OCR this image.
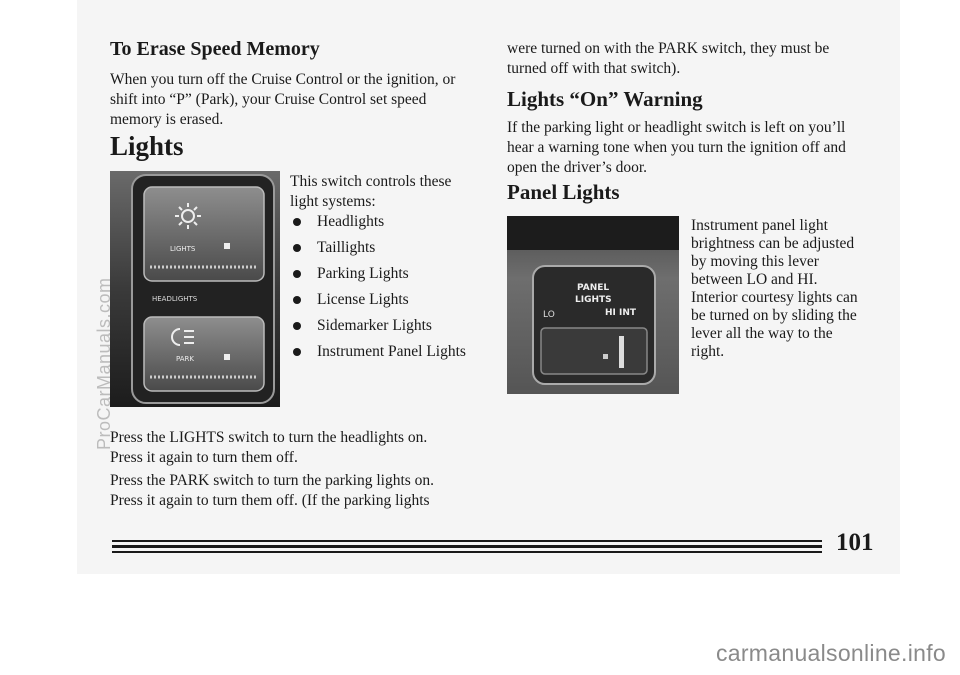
To Erase Speed Memory
When you turn off the Cruise Control or the ignition, or
shift into “P” (Park), your Cruise Control set speed
memory is erased.
Lights
LIGHTS
HEADLIGHTS
PARK
This switch controls these
light systems:
Headlights
Taillights
Parking Lights
License Lights
Sidemarker Lights
Instrument Panel Lights
Press the LIGHTS switch to turn the headlights on.
Press it again to turn them off.
Press the PARK switch to turn the parking lights on.
Press it again to turn them off. (If the parking lights
were turned on with the PARK switch, they must be
turned off with that switch).
Lights “On” Warning
If the parking light or headlight switch is left on you’ll
hear a warning tone when you turn the ignition off and
open the driver’s door.
Panel Lights
PANEL
LIGHTS
LO	HI INT
Instrument panel light
brightness can be adjusted
by moving this lever
between LO and HI.
Interior courtesy lights can
be turned on by sliding the
lever all the way to the
right.
101
ProCarManuals.com
carmanualsonline.info
